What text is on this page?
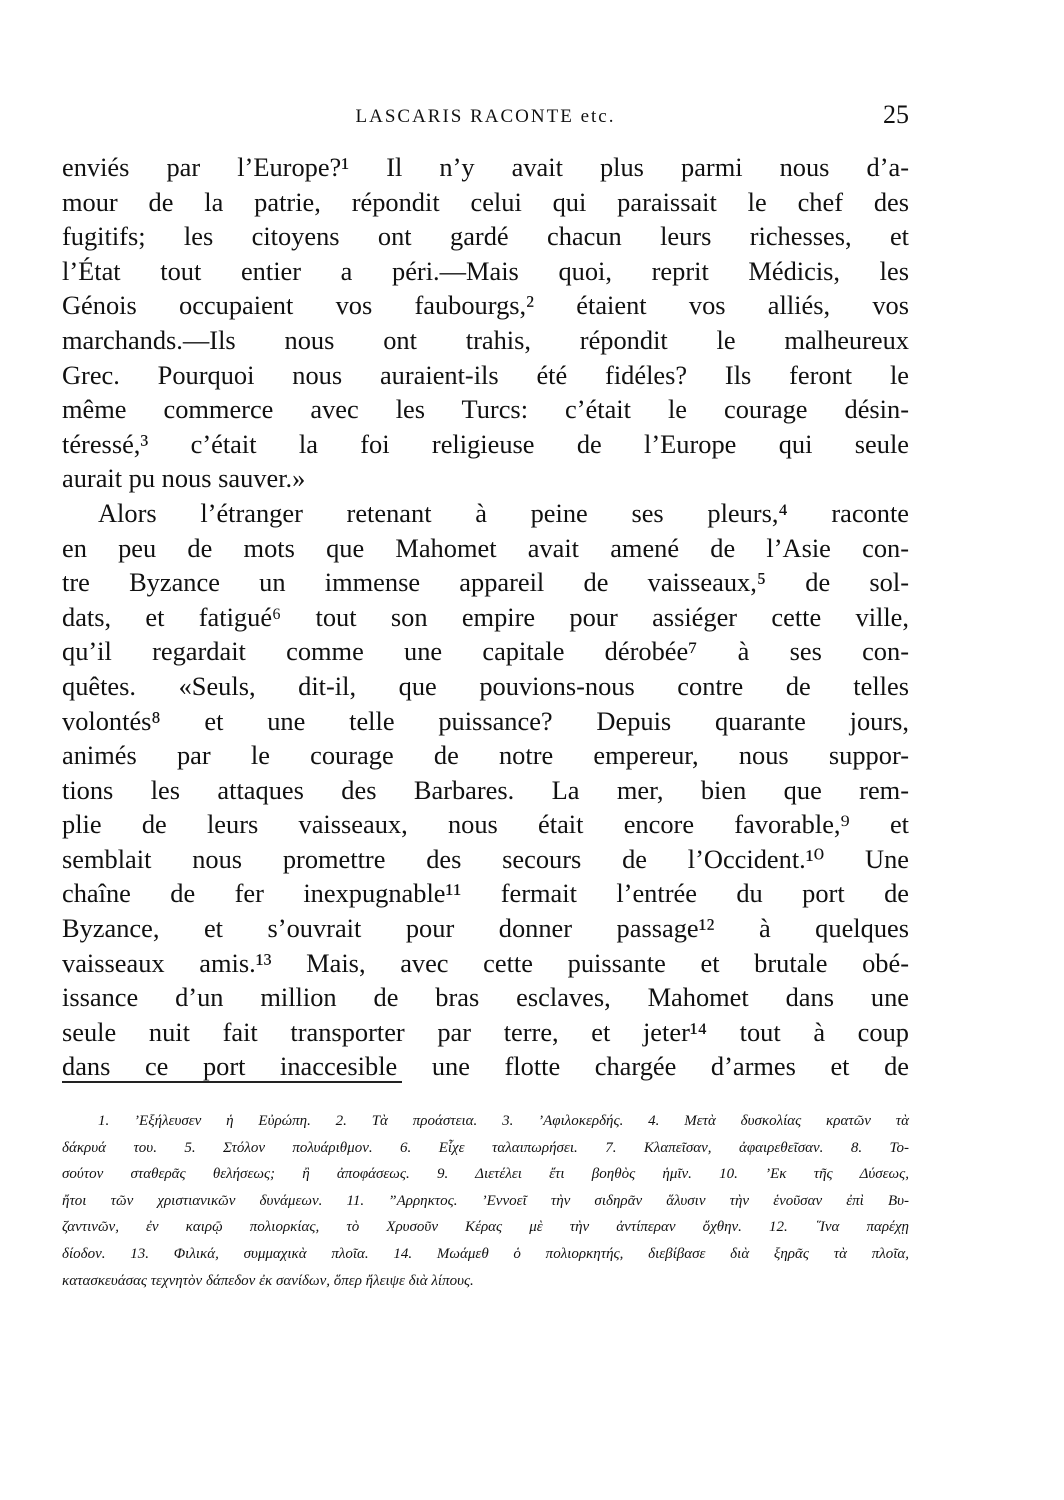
LASCARIS RACONTE etc.	25
enviés par l’Europe?¹ Il n’y avait plus parmi nous d’a-
mour de la patrie, répondit celui qui paraissait le chef des
fugitifs; les citoyens ont gardé chacun leurs richesses, et
l’État tout entier a péri.—Mais quoi, reprit Médicis, les
Génois occupaient vos faubourgs,² étaient vos alliés, vos
marchands.—Ils nous ont trahis, répondit le malheureux
Grec. Pourquoi nous auraient-ils été fidéles? Ils feront le
même commerce avec les Turcs: c’était le courage désin-
téressé,³ c’était la foi religieuse de l’Europe qui seule
aurait pu nous sauver.»
Alors l’étranger retenant à peine ses pleurs,⁴ raconte
en peu de mots que Mahomet avait amené de l’Asie con-
tre Byzance un immense appareil de vaisseaux,⁵ de sol-
dats, et fatigué⁶ tout son empire pour assiéger cette ville,
qu’il regardait comme une capitale dérobée⁷ à ses con-
quêtes. «Seuls, dit-il, que pouvions-nous contre de telles
volontés⁸ et une telle puissance? Depuis quarante jours,
animés par le courage de notre empereur, nous suppor-
tions les attaques des Barbares. La mer, bien que rem-
plie de leurs vaisseaux, nous était encore favorable,⁹ et
semblait nous promettre des secours de l’Occident.¹⁰ Une
chaîne de fer inexpugnable¹¹ fermait l’entrée du port de
Byzance, et s’ouvrait pour donner passage¹² à quelques
vaisseaux amis.¹³ Mais, avec cette puissante et brutale obé-
issance d’un million de bras esclaves, Mahomet dans une
seule nuit fait transporter par terre, et jeter¹⁴ tout à coup
dans ce port inaccesible une flotte chargée d’armes et de
1. ’Εξήλευσεν ἡ Εὐρώπη. 2. Τὰ προάστεια. 3. ’Αφιλοκερδής. 4. Μετὰ δυσκολίας κρατῶν τὰ
δάκρυά του. 5. Στόλον πολυάριθμον. 6. Εἶχε ταλαιπωρήσει. 7. Κλαπεῖσαν, ἀφαιρεθεῖσαν. 8. Το-
σούτον σταθερᾶς θελήσεως; ἢ ἀποφάσεως. 9. Διετέλει ἔτι βοηθὸς ἡμῖν. 10. ’Εκ τῆς Δύσεως,
ἤτοι τῶν χριστιανικῶν δυνάμεων. 11. ”Αρρηκτος. ’Εννοεῖ τὴν σιδηρᾶν ἅλυσιν τὴν ἑνοῦσαν ἐπὶ Βυ-
ζαντινῶν, ἐν καιρῷ πολιορκίας, τὸ Χρυσοῦν Κέρας μὲ τὴν ἀντίπεραν ὄχθην. 12. ῞Ινα παρέχῃ
δίοδον. 13. Φιλικά, συμμαχικὰ πλοῖα. 14. Μωάμεθ ὁ πολιορκητής, διεβίβασε διὰ ξηρᾶς τὰ πλοῖα,
κατασκευάσας τεχνητὸν δάπεδον ἐκ σανίδων, ὅπερ ἤλειψε διὰ λίπους.
